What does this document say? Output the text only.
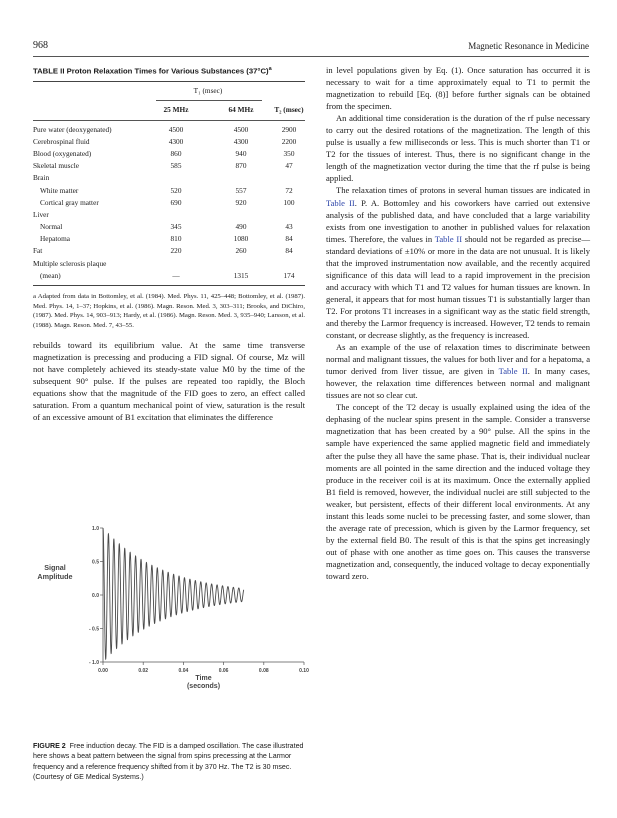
968	Magnetic Resonance in Medicine
TABLE II Proton Relaxation Times for Various Substances $(37^\circ C)^a$
T₁ (msec)
25 MHz	64 MHz	T₂ (msec)
Pure water (deoxygenated)	4500	4500	2900
Cerebrospinal fluid	4300	4300	2200
Blood (oxygenated)	860	940	350
Skeletal muscle	585	870	47
Brain
White matter	520	557	72
Cortical gray matter	690	920	100
Liver
Normal	345	490	43
Hepatoma	810	1080	84
Fat	220	260	84
Multiple sclerosis plaque
(mean)	—	1315	174
a Adapted from data in Bottomley, et al. (1984). Med. Phys. 11, 425–448; Bottomley, et al. (1987). Med. Phys. 14, 1–37; Hopkins, et al. (1986). Magn. Reson. Med. 3, 303–311; Brooks, and DiChiro, (1987). Med. Phys. 14, 903–913; Hardy, et al. (1986). Magn. Reson. Med. 3, 935–940; Larsson, et al. (1988). Magn. Reson. Med. 7, 43–55.

rebuilds toward its equilibrium value. At the same time transverse magnetization is precessing and producing a FID signal. Of course, Mz will not have completely achieved its steady-state value M0 by the time of the subsequent 90° pulse. If the pulses are repeated too rapidly, the Bloch equations show that the magnitude of the FID goes to zero, an effect called saturation. From a quantum mechanical point of view, saturation is the result of an excessive amount of B1 excitation that eliminates the difference

0.00	0.02	0.04	0.06	0.08	0.10
1.0
0.5
0.0
- 0.5
- 1.0
Signal
Amplitude
Time
(seconds)
FIGURE 2 Free induction decay. The FID is a damped oscillation. The case illustrated here shows a beat pattern between the signal from spins precessing at the Larmor frequency and a reference frequency shifted from it by 370 Hz. The T2 is 30 msec. (Courtesy of GE Medical Systems.)

in level populations given by Eq. (1). Once saturation has occurred it is necessary to wait for a time approximately equal to T1 to permit the magnetization to rebuild [Eq. (8)] before further signals can be obtained from the specimen.

An additional time consideration is the duration of the rf pulse necessary to carry out the desired rotations of the magnetization. The length of this pulse is usually a few milliseconds or less. This is much shorter than T1 or T2 for the tissues of interest. Thus, there is no significant change in the length of the magnetization vector during the time that the rf pulse is being applied.

The relaxation times of protons in several human tissues are indicated in Table II. P. A. Bottomley and his coworkers have carried out extensive analysis of the published data, and have concluded that a large variability exists from one investigation to another in published values for relaxation times. Therefore, the values in Table II should not be regarded as precise—standard deviations of ±10% or more in the data are not unusual. It is likely that the improved instrumentation now available, and the recently acquired significance of this data will lead to a rapid improvement in the precision and accuracy with which T1 and T2 values for human tissues are known. In general, it appears that for most human tissues T1 is substantially larger than T2. For protons T1 increases in a significant way as the static field strength, and thereby the Larmor frequency is increased. However, T2 tends to remain constant, or decrease slightly, as the frequency is increased.

As an example of the use of relaxation times to discriminate between normal and malignant tissues, the values for both liver and for a hepatoma, a tumor derived from liver tissue, are given in Table II. In many cases, however, the relaxation time differences between normal and malignant tissues are not so clear cut.

The concept of the T2 decay is usually explained using the idea of the dephasing of the nuclear spins present in the sample. Consider a transverse magnetization that has been created by a 90° pulse. All the spins in the sample have experienced the same applied magnetic field and immediately after the pulse they all have the same phase. That is, their individual nuclear moments are all pointed in the same direction and the induced voltage they produce in the receiver coil is at its maximum. Once the externally applied B1 field is removed, however, the individual nuclei are still subjected to the weaker, but persistent, effects of their different local environments. At any instant this leads some nuclei to be precessing faster, and some slower, than the average rate of precession, which is given by the Larmor frequency, set by the external field B0. The result of this is that the spins get increasingly out of phase with one another as time goes on. This causes the transverse magnetization and, consequently, the induced voltage to decay exponentially toward zero.
